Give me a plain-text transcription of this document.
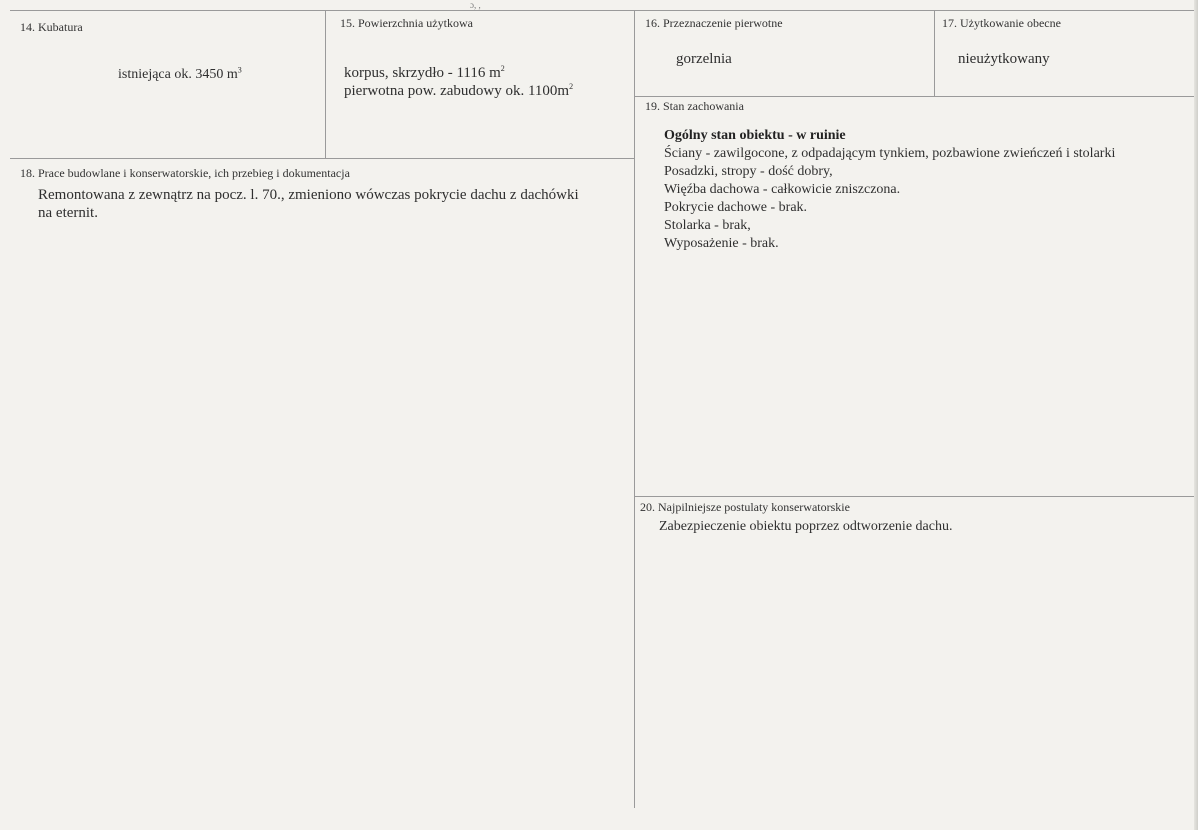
ɔ, ,
14. Kubatura
istniejąca ok. 3450 $m^3$
15. Powierzchnia użytkowa
korpus, skrzydło - 1116 $m^2$
pierwotna pow. zabudowy ok. $1100m^2$
16. Przeznaczenie pierwotne
gorzelnia
17. Użytkowanie obecne
nieużytkowany
18. Prace budowlane i konserwatorskie, ich przebieg i dokumentacja
Remontowana z zewnątrz na pocz. l. 70., zmieniono wówczas pokrycie dachu z dachówki
na eternit.
19. Stan zachowania
Ogólny stan obiektu - w ruinie
Ściany - zawilgocone, z odpadającym tynkiem, pozbawione zwieńczeń i stolarki
Posadzki, stropy - dość dobry,
Więźba dachowa - całkowicie zniszczona.
Pokrycie dachowe - brak.
Stolarka - brak,
Wyposażenie - brak.
20. Najpilniejsze postulaty konserwatorskie
Zabezpieczenie obiektu poprzez odtworzenie dachu.
